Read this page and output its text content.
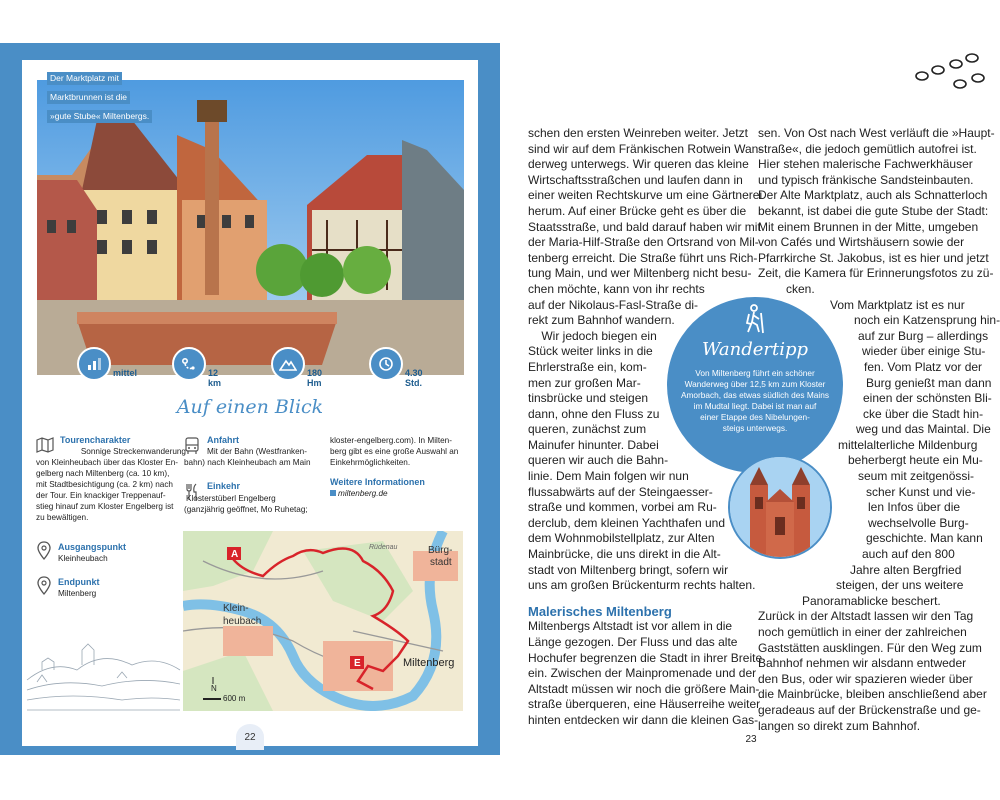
Der Marktplatz mit
Marktbrunnen ist die
»gute Stube« Miltenbergs.
mittel	12 km
180 Hm
4.30 Std.
Auf einen Blick
Tourencharakter
Sonnige Streckenwanderung
von Kleinheubach über das Kloster En-
gelberg nach Miltenberg (ca. 10 km),
mit Stadtbesichtigung (ca. 2 km) nach
der Tour. Ein knackiger Treppenauf-
stieg hinauf zum Kloster Engelberg ist
zu bewältigen.
Ausgangspunkt
Kleinheubach
Endpunkt
Miltenberg
Anfahrt
Mit der Bahn (Westfranken-
bahn) nach Kleinheubach am Main
Einkehr
Klosterstüberl Engelberg
(ganzjährig geöffnet, Mo Ruhetag;
kloster-engelberg.com). In Milten-
berg gibt es eine große Auswahl an
Einkehrmöglichkeiten.
Weitere Informationen
miltenberg.de
A
E
Bürg-
stadt
Klein-
heubach
Miltenberg
Rüdenau
N
600 m
22
schen den ersten Weinreben weiter. Jetzt
sind wir auf dem Fränkischen Rotwein Wan-
derweg unterwegs. Wir queren das kleine
Wirtschaftsstraßchen und laufen dann in
einer weiten Rechtskurve um eine Gärtnerei
herum. Auf einer Brücke geht es über die
Staatsstraße, und bald darauf haben wir mit
der Maria-Hilf-Straße den Ortsrand von Mil-
tenberg erreicht. Die Straße führt uns Rich-
tung Main, und wer Miltenberg nicht besu-
chen möchte, kann von ihr rechts
auf der Nikolaus-Fasl-Straße di-
rekt zum Bahnhof wandern.
Wir jedoch biegen ein
Stück weiter links in die
Ehrlerstraße ein, kom-
men zur großen Mar-
tinsbrücke und steigen
dann, ohne den Fluss zu
queren, zunächst zum
Mainufer hinunter. Dabei
queren wir auch die Bahn-
linie. Dem Main folgen wir nun
flussabwärts auf der Steingaesser-
straße und kommen, vorbei am Ru-
derclub, dem kleinen Yachthafen und
dem Wohnmobilstellplatz, zur Alten
Mainbrücke, die uns direkt in die Alt-
stadt von Miltenberg bringt, sofern wir
uns am großen Brückenturm rechts halten.
Malerisches Miltenberg
Miltenbergs Altstadt ist vor allem in die
Länge gezogen. Der Fluss und das alte
Hochufer begrenzen die Stadt in ihrer Breite
ein. Zwischen der Mainpromenade und der
Altstadt müssen wir noch die größere Main-
straße überqueren, eine Häuserreihe weiter
hinten entdecken wir dann die kleinen Gas-
sen. Von Ost nach West verläuft die »Haupt-
straße«, die jedoch gemütlich autofrei ist.
Hier stehen malerische Fachwerkhäuser
und typisch fränkische Sandsteinbauten.
Der Alte Marktplatz, auch als Schnatterloch
bekannt, ist dabei die gute Stube der Stadt:
Mit einem Brunnen in der Mitte, umgeben
von Cafés und Wirtshäusern sowie der
Pfarrkirche St. Jakobus, ist es hier und jetzt
Zeit, die Kamera für Erinnerungsfotos zu zü-
cken.
Vom Marktplatz ist es nur
noch ein Katzensprung hin-
auf zur Burg – allerdings
wieder über einige Stu-
fen. Vom Platz vor der
Burg genießt man dann
einen der schönsten Bli-
cke über die Stadt hin-
weg und das Maintal. Die
mittelalterliche Mildenburg
beherbergt heute ein Mu-
seum mit zeitgenössi-
scher Kunst und vie-
len Infos über die
wechselvolle Burg-
geschichte. Man kann
auch auf den 800
Jahre alten Bergfried
steigen, der uns weitere
Panoramablicke beschert.
Zurück in der Altstadt lassen wir den Tag
noch gemütlich in einer der zahlreichen
Gaststätten ausklingen. Für den Weg zum
Bahnhof nehmen wir alsdann entweder
den Bus, oder wir spazieren wieder über
die Mainbrücke, bleiben anschließend aber
geradeaus auf der Brückenstraße und ge-
langen so direkt zum Bahnhof.
Wandertipp
Von Miltenberg führt ein schöner
Wanderweg über 12,5 km zum Kloster
Amorbach, das etwas südlich des Mains
im Mudtal liegt. Dabei ist man auf
einer Etappe des Nibelungen-
steigs unterwegs.
23
